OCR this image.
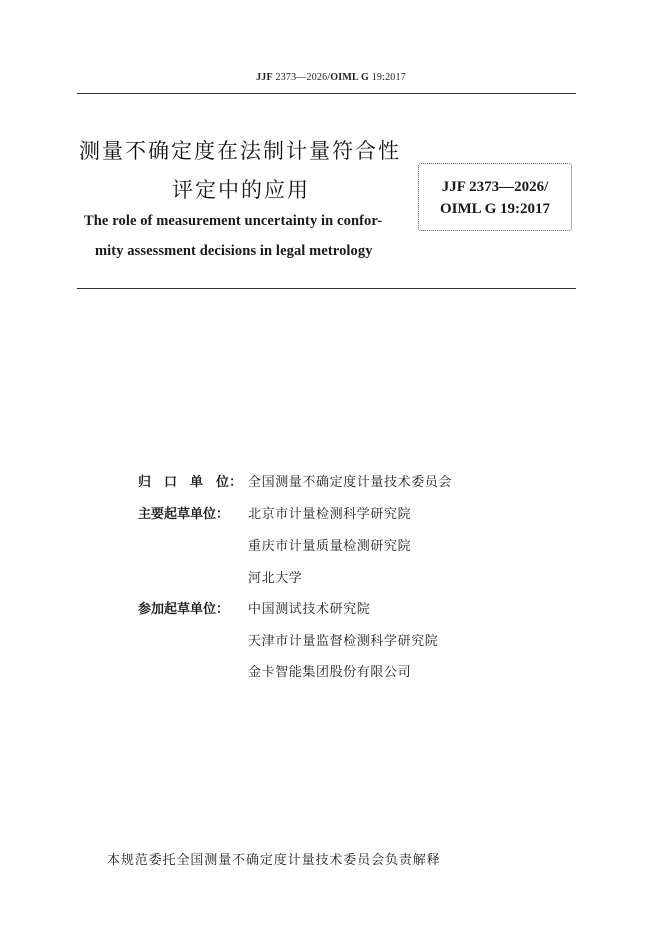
JJF 2373—2026/OIML G 19:2017
测量不确定度在法制计量符合性
评定中的应用
The role of measurement uncertainty in confor-
mity assessment decisions in legal metrology
JJF 2373—2026/
OIML G 19:2017
归口单位： 全国测量不确定度计量技术委员会
主要起草单位： 北京市计量检测科学研究院
重庆市计量质量检测研究院
河北大学
参加起草单位： 中国测试技术研究院
天津市计量监督检测科学研究院
金卡智能集团股份有限公司
本规范委托全国测量不确定度计量技术委员会负责解释
